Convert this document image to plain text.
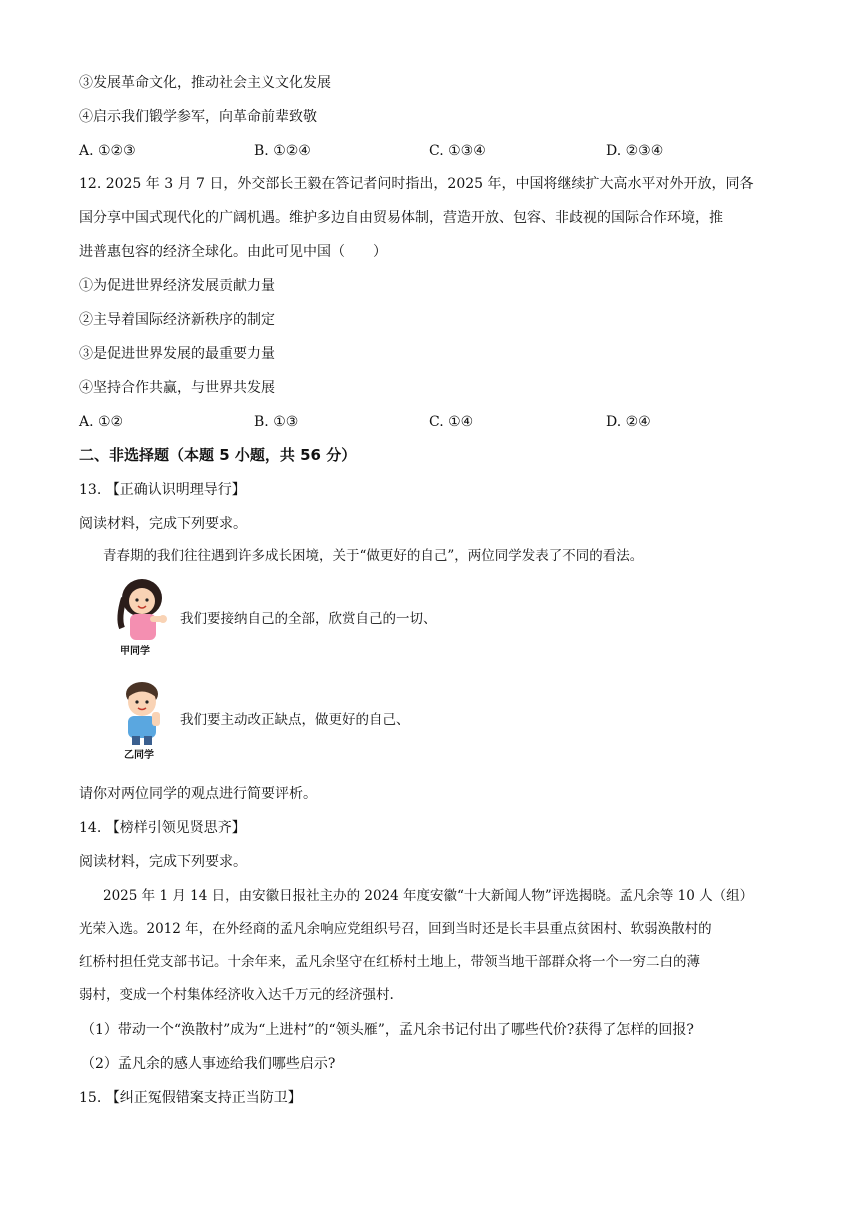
③发展革命文化，推动社会主义文化发展
④启示我们锻学参军，向革命前辈致敬
A. ①②③	B. ①②④	C. ①③④	D. ②③④
12. 2025 年 3 月 7 日，外交部长王毅在答记者问时指出，2025 年，中国将继续扩大高水平对外开放，同各
国分享中国式现代化的广阔机遇。维护多边自由贸易体制，营造开放、包容、非歧视的国际合作环境，推
进普惠包容的经济全球化。由此可见中国（　　）
①为促进世界经济发展贡献力量
②主导着国际经济新秩序的制定
③是促进世界发展的最重要力量
④坚持合作共赢，与世界共发展
A. ①②	B. ①③	C. ①④	D. ②④
二、非选择题（本题 5 小题，共 56 分）
13. 【正确认识明理导行】
阅读材料，完成下列要求。
青春期的我们往往遇到许多成长困境，关于“做更好的自己”，两位同学发表了不同的看法。
甲同学
我们要接纳自己的全部，欣赏自己的一切、
乙同学
我们要主动改正缺点，做更好的自己、
请你对两位同学的观点进行简要评析。
14. 【榜样引领见贤思齐】
阅读材料，完成下列要求。
2025 年 1 月 14 日，由安徽日报社主办的 2024 年度安徽“十大新闻人物”评选揭晓。孟凡余等 10 人（组）
光荣入选。2012 年，在外经商的孟凡余响应党组织号召，回到当时还是长丰县重点贫困村、软弱涣散村的
红桥村担任党支部书记。十余年来，孟凡余坚守在红桥村土地上，带领当地干部群众将一个一穷二白的薄
弱村，变成一个村集体经济收入达千万元的经济强村.
（1）带动一个“涣散村”成为“上进村”的“领头雁”，孟凡余书记付出了哪些代价?获得了怎样的回报?
（2）孟凡余的感人事迹给我们哪些启示?
15. 【纠正冤假错案支持正当防卫】
